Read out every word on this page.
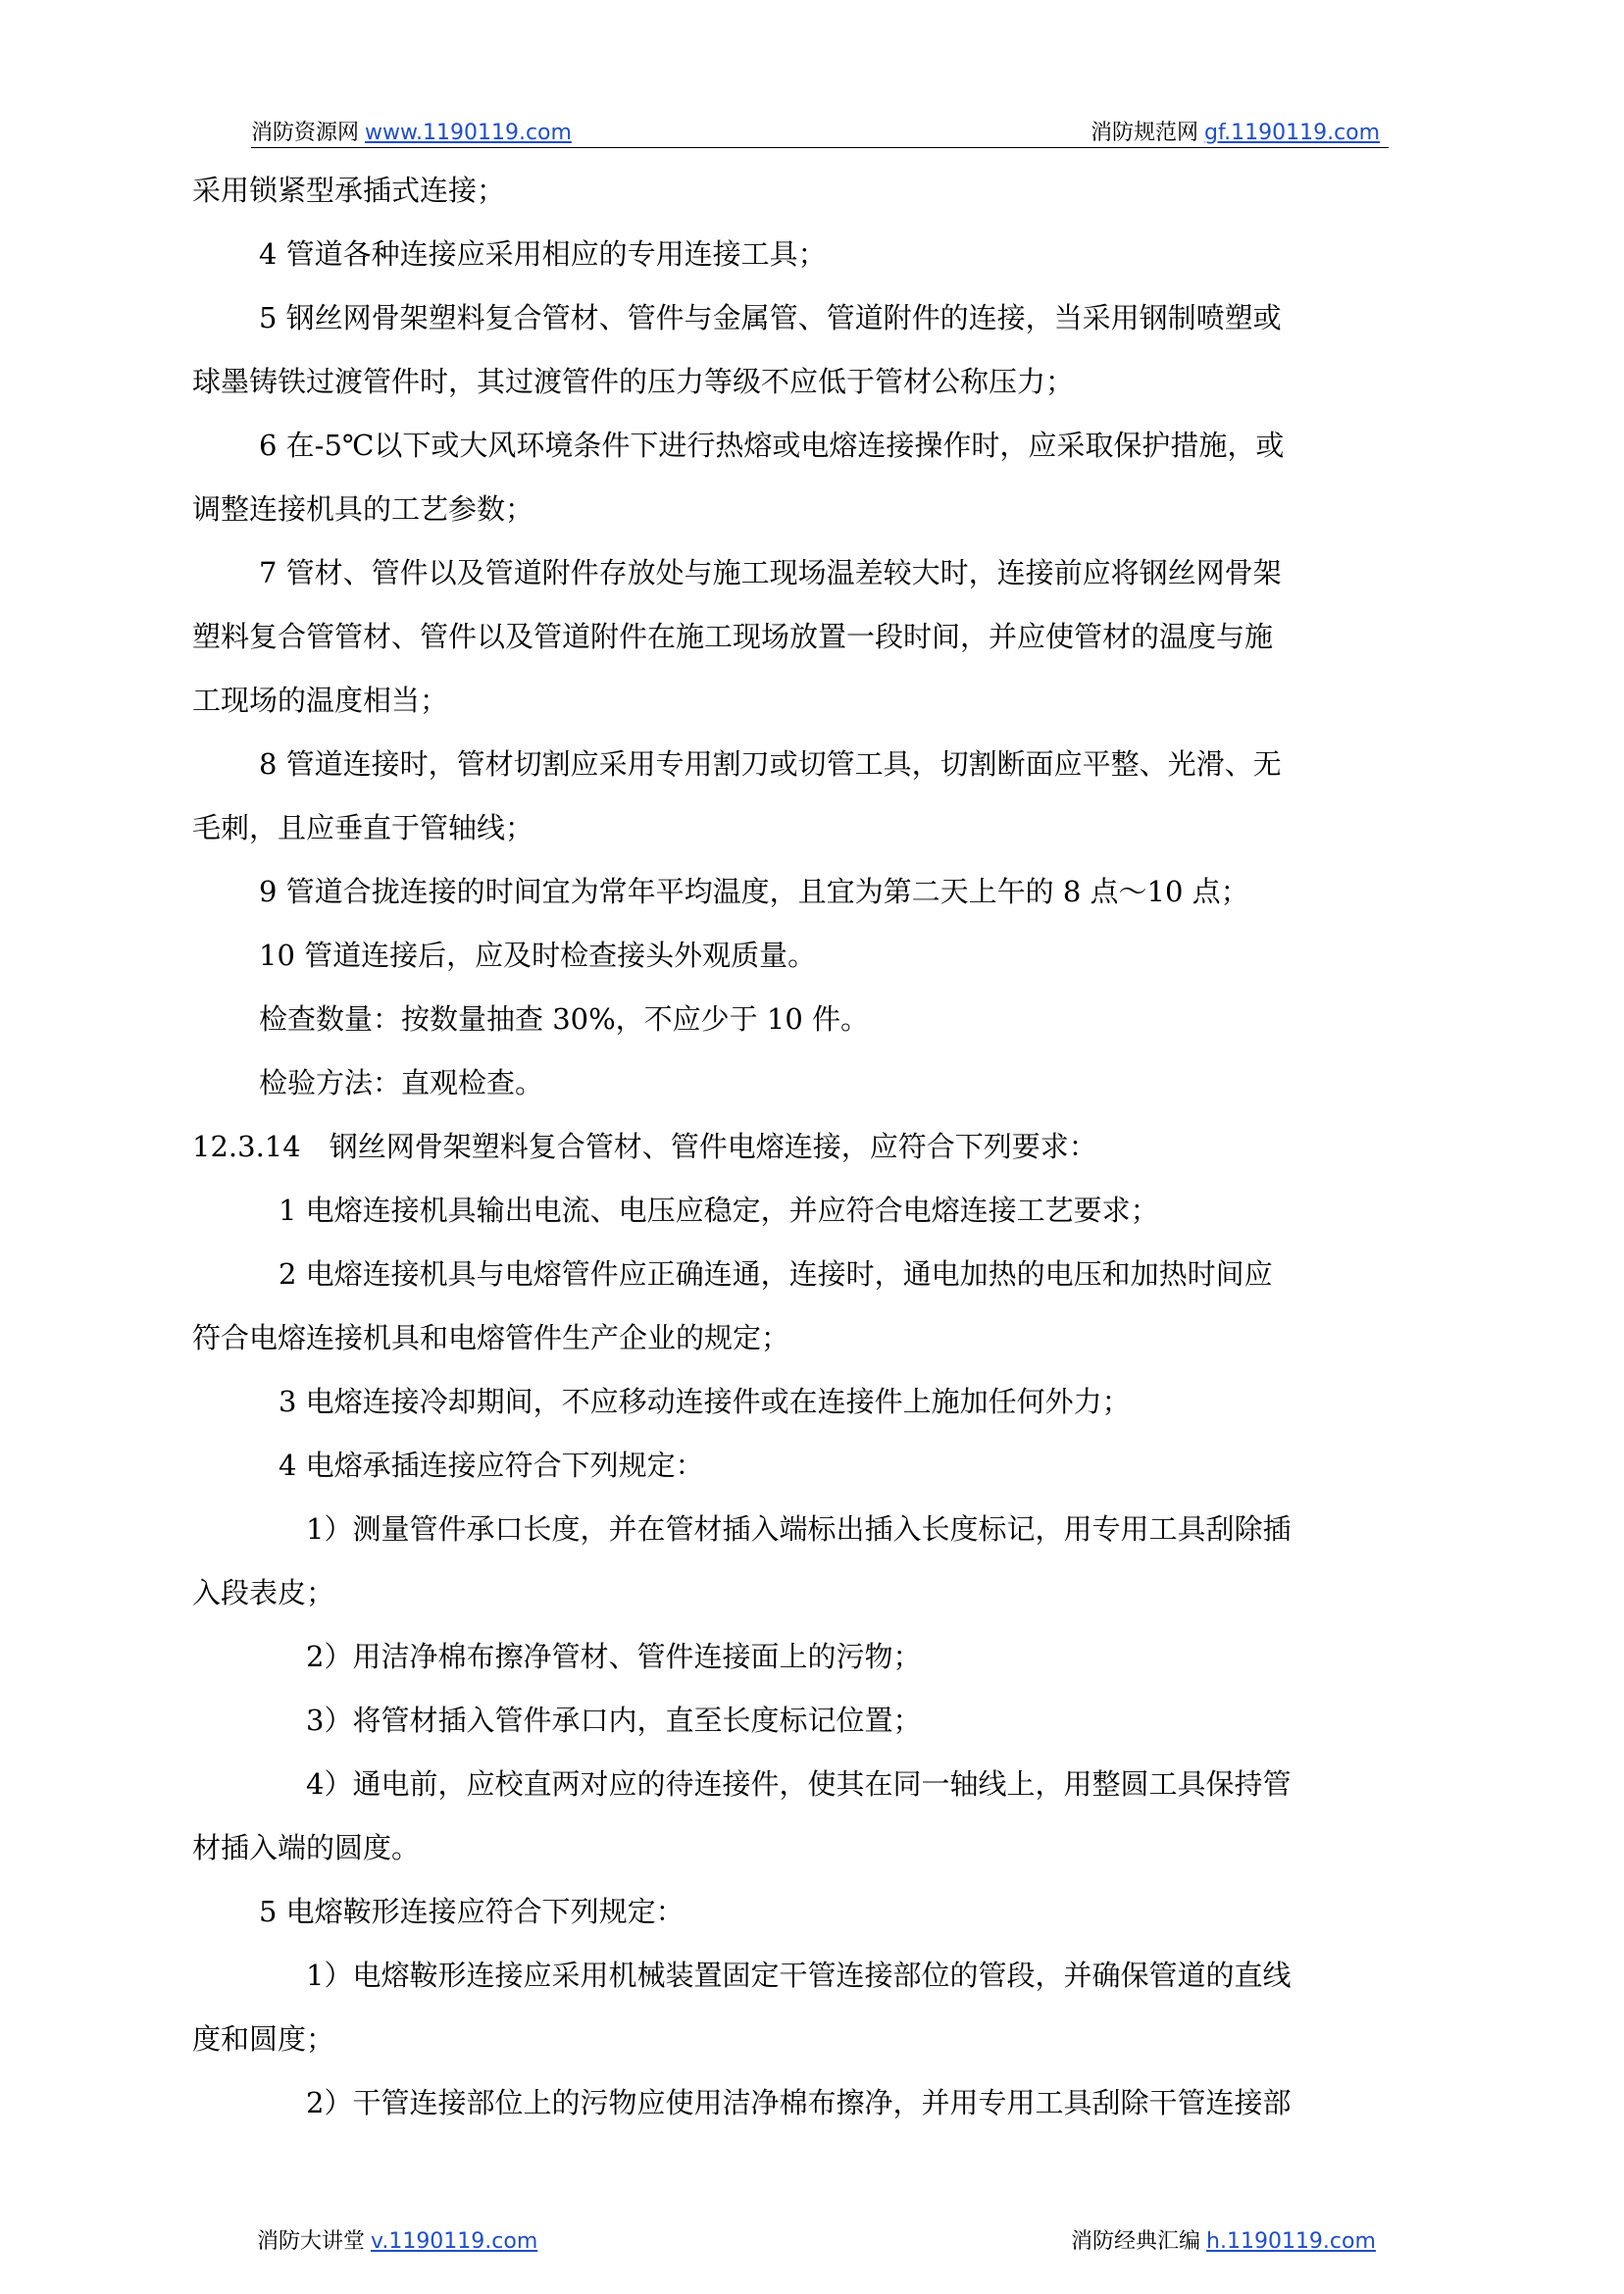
消防资源网 www.1190119.com	消防规范网 gf.1190119.com
采用锁紧型承插式连接；
4 管道各种连接应采用相应的专用连接工具；
5 钢丝网骨架塑料复合管材、管件与金属管、管道附件的连接，当采用钢制喷塑或
球墨铸铁过渡管件时，其过渡管件的压力等级不应低于管材公称压力；
6 在-5℃以下或大风环境条件下进行热熔或电熔连接操作时，应采取保护措施，或
调整连接机具的工艺参数；
7 管材、管件以及管道附件存放处与施工现场温差较大时，连接前应将钢丝网骨架
塑料复合管管材、管件以及管道附件在施工现场放置一段时间，并应使管材的温度与施
工现场的温度相当；
8 管道连接时，管材切割应采用专用割刀或切管工具，切割断面应平整、光滑、无
毛刺，且应垂直于管轴线；
9 管道合拢连接的时间宜为常年平均温度，且宜为第二天上午的 8 点～10 点；
10 管道连接后，应及时检查接头外观质量。
检查数量：按数量抽查 30%，不应少于 10 件。
检验方法：直观检查。
12.3.14　钢丝网骨架塑料复合管材、管件电熔连接，应符合下列要求：
1 电熔连接机具输出电流、电压应稳定，并应符合电熔连接工艺要求；
2 电熔连接机具与电熔管件应正确连通，连接时，通电加热的电压和加热时间应
符合电熔连接机具和电熔管件生产企业的规定；
3 电熔连接冷却期间，不应移动连接件或在连接件上施加任何外力；
4 电熔承插连接应符合下列规定：
1）测量管件承口长度，并在管材插入端标出插入长度标记，用专用工具刮除插
入段表皮；
2）用洁净棉布擦净管材、管件连接面上的污物；
3）将管材插入管件承口内，直至长度标记位置；
4）通电前，应校直两对应的待连接件，使其在同一轴线上，用整圆工具保持管
材插入端的圆度。
5 电熔鞍形连接应符合下列规定：
1）电熔鞍形连接应采用机械装置固定干管连接部位的管段，并确保管道的直线
度和圆度；
2）干管连接部位上的污物应使用洁净棉布擦净，并用专用工具刮除干管连接部
消防大讲堂 v.1190119.com	消防经典汇编 h.1190119.com
